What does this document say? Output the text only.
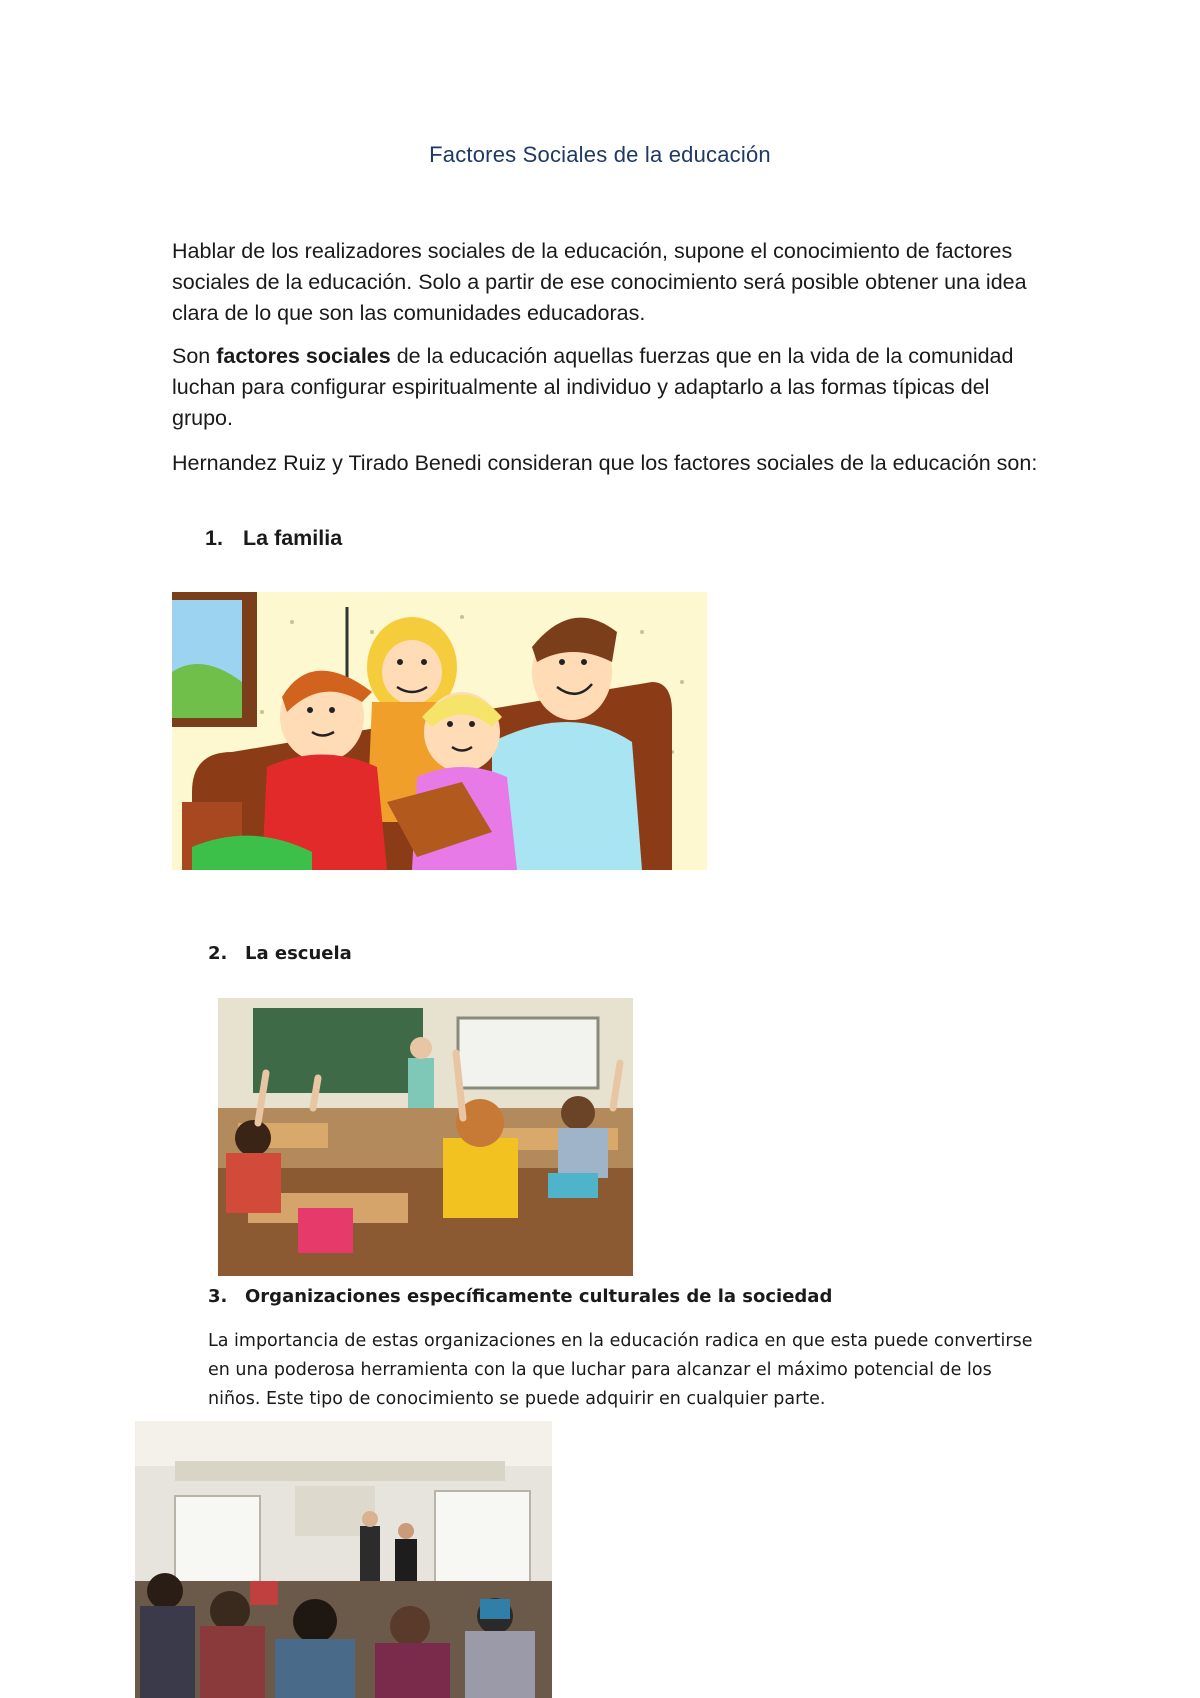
Factores Sociales de la educación

Hablar de los realizadores sociales de la educación, supone el conocimiento de factores sociales de la educación. Solo a partir de ese conocimiento será posible obtener una idea clara de lo que son las comunidades educadoras.

Son factores sociales de la educación aquellas fuerzas que en la vida de la comunidad luchan para configurar espiritualmente al individuo y adaptarlo a las formas típicas del grupo.

Hernandez Ruiz y Tirado Benedi consideran que los factores sociales de la educación son:

1. La familia

2. La escuela

3. Organizaciones específicamente culturales de la sociedad

La importancia de estas organizaciones en la educación radica en que esta puede convertirse en una poderosa herramienta con la que luchar para alcanzar el máximo potencial de los niños. Este tipo de conocimiento se puede adquirir en cualquier parte.
